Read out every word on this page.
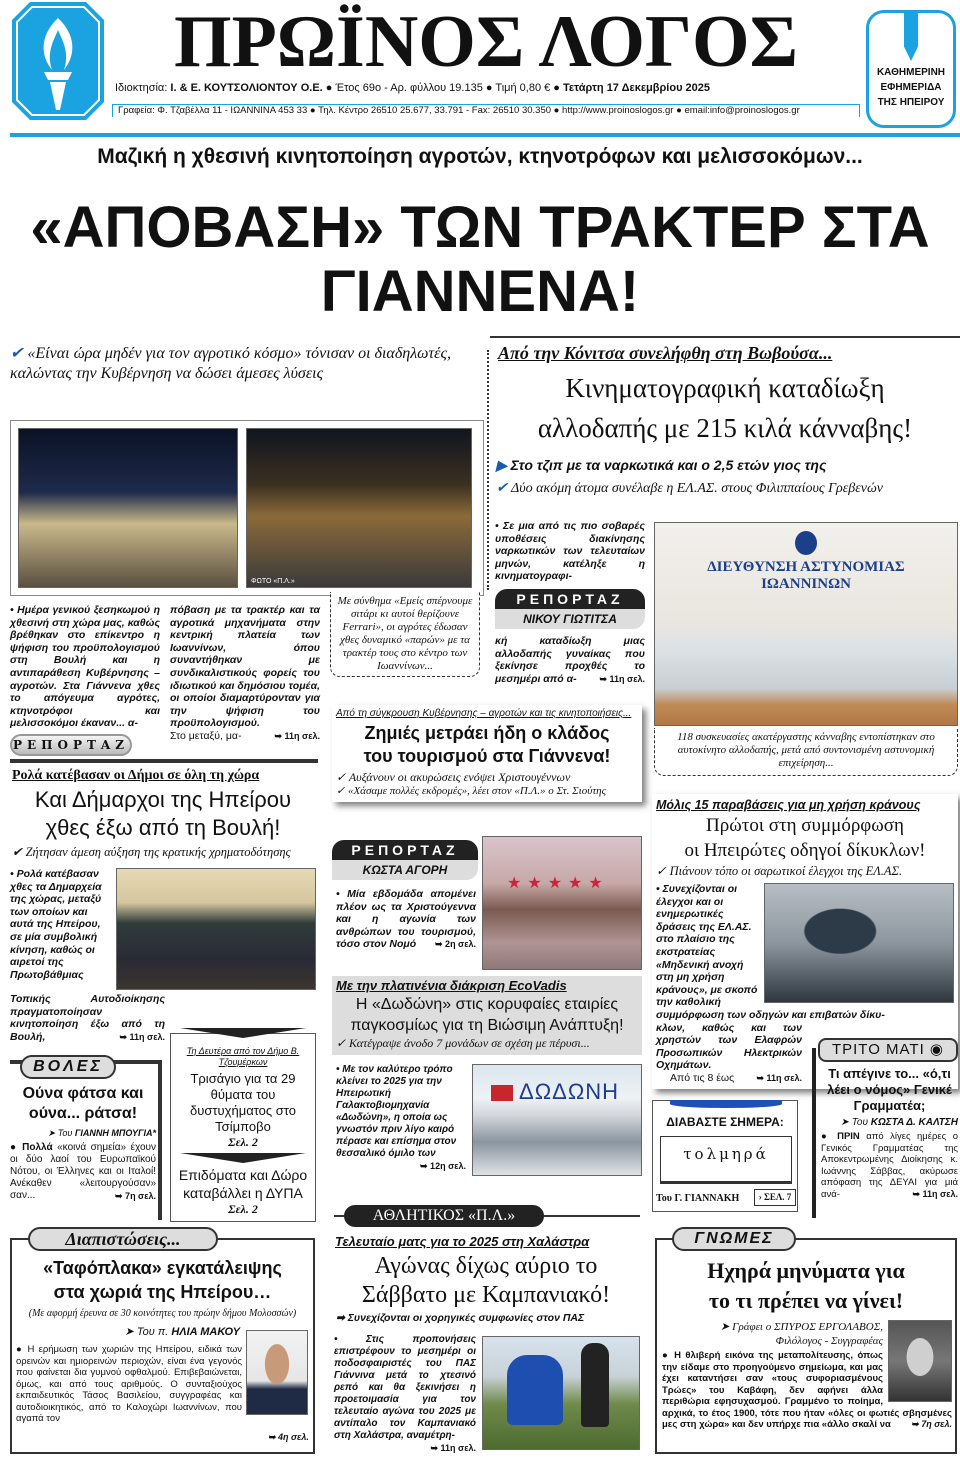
ΠΡΩΪΝΟΣ ΛΟΓΟΣ
Ιδιοκτησία: Ι. & Ε. ΚΟΥΤΣΟΛΙΟΝΤΟΥ Ο.Ε. ● Έτος 69ο - Αρ. φύλλου 19.135 ● Τιμή 0,80 € ● Τετάρτη 17 Δεκεμβρίου 2025
Γραφεία: Φ. Τζαβέλλα 11 - ΙΩΑΝΝΙΝΑ 453 33 ● Τηλ. Κέντρο 26510 25.677, 33.791 - Fax: 26510 30.350 ● http://www.proinoslogos.gr ● email:info@proinoslogos.gr
ΚΑΘΗΜΕΡΙΝΗ
ΕΦΗΜΕΡΙΔΑ
ΤΗΣ ΗΠΕΙΡΟΥ
Μαζική η χθεσινή κινητοποίηση αγροτών, κτηνοτρόφων και μελισσοκόμων...
«ΑΠΟΒΑΣΗ» ΤΩΝ ΤΡΑΚΤΕΡ ΣΤΑ ΓΙΑΝΝΕΝΑ!
✔ «Είναι ώρα μηδέν για τον αγροτικό κόσμο» τόνισαν οι διαδηλωτές, καλώντας την Κυβέρνηση να δώσει άμεσες λύσεις
ΦΩΤΟ «Π.Λ.»
Με σύνθημα «Εμείς σπέρνουμε σιτάρι κι αυτοί θερίζουνε Ferrari», οι αγρότες έδωσαν χθες δυναμικό «παρών» με τα τρακτέρ τους στο κέντρο των Ιωαννίνων...
• Ημέρα γενικού ξεσηκωμού η χθεσινή στη χώρα μας, καθώς βρέθηκαν στο επίκεντρο η ψήφιση του προϋπολογισμού στη Βουλή και η αντιπαράθεση Κυβέρνησης – αγροτών. Στα Γιάννενα χθες το απόγευμα αγρότες, κτηνοτρόφοι και μελισσοκόμοι έκαναν... α-
ΡΕΠΟΡΤΑΖ
πόβαση με τα τρακτέρ και τα αγροτικά μηχανήματα στην κεντρική πλατεία των Ιωαννίνων, όπου συναντήθηκαν με συνδικαλιστικούς φορείς του ιδιωτικού και δημόσιου τομέα, οι οποίοι διαμαρτύρονταν για την ψήφιση του προϋπολογισμού.
Στο μεταξύ, μα-	➥ 11η σελ.
Από την Κόνιτσα συνελήφθη στη Βωβούσα...
Κινηματογραφική καταδίωξη
αλλοδαπής με 215 κιλά κάνναβης!
▶ Στο τζιπ με τα ναρκωτικά και ο 2,5 ετών γιος της
✔ Δύο ακόμη άτομα συνέλαβε η ΕΛ.ΑΣ. στους Φιλιππαίους Γρεβενών
• Σε μια από τις πιο σοβαρές υποθέσεις διακίνησης ναρκωτικών των τελευταίων μηνών, κατέληξε η κινηματογραφι-
ΡΕΠΟΡΤΑΖ
ΝΙΚΟΥ ΓΙΩΤΙΤΣΑ
κή καταδίωξη μιας αλλοδαπής γυναίκας που ξεκίνησε προχθές το μεσημέρι από α-	➥ 11η σελ.
ΔΙΕΥΘΥΝΣΗ ΑΣΤΥΝΟΜΙΑΣ
ΙΩΑΝΝΙΝΩΝ
118 συσκευασίες ακατέργαστης κάνναβης εντοπίστηκαν στο αυτοκίνητο αλλοδαπής, μετά από συντονισμένη αστυνομική επιχείρηση...
Ρολά κατέβασαν οι Δήμοι σε όλη τη χώρα
Και Δήμαρχοι της Ηπείρου
χθες έξω από τη Βουλή!
✔ Ζήτησαν άμεση αύξηση της κρατικής χρηματοδότησης
• Ρολά κατέβασαν χθες τα Δημαρχεία της χώρας, μεταξύ των οποίων και αυτά της Ηπείρου, σε μία συμβολική κίνηση, καθώς οι αιρετοί της Πρωτοβάθμιας
Τοπικής Αυτοδιοίκησης πραγματοποίησαν κινητοποίηση έξω από τη Βουλή,	➥ 11η σελ.
Από τη σύγκρουση Κυβέρνησης – αγροτών και τις κινητοποιήσεις...
Ζημιές μετράει ήδη ο κλάδος
του τουρισμού στα Γιάννενα!
✓ Αυξάνουν οι ακυρώσεις ενόψει Χριστουγέννων
✓ «Χάσαμε πολλές εκδρομές», λέει στον «Π.Λ.» ο Στ. Σιούτης
ΡΕΠΟΡΤΑΖ
ΚΩΣΤΑ ΑΓΟΡΗ
★★★★★
• Μία εβδομάδα απομένει πλέον ως τα Χριστούγεννα και η αγωνία των ανθρώπων του τουρισμού, τόσο στον Νομό ➥ 2η σελ.
Με την πλατινένια διάκριση EcoVadis
Η «Δωδώνη» στις κορυφαίες εταιρίες
παγκοσμίως για τη Βιώσιμη Ανάπτυξη!
✓ Κατέγραψε άνοδο 7 μονάδων σε σχέση με πέρυσι...
• Με τον καλύτερο τρόπο κλείνει το 2025 για την Ηπειρωτική Γαλακτοβιομηχανία «Δωδώνη», η οποία ως γνωστόν πριν λίγο καιρό πέρασε και επίσημα στον θεσσαλικό όμιλο των
➥ 12η σελ.
ΔΩΔΩΝΗ
Μόλις 15 παραβάσεις για μη χρήση κράνους
Πρώτοι στη συμμόρφωση
οι Ηπειρώτες οδηγοί δίκυκλων!
✓ Πιάνουν τόπο οι σαρωτικοί έλεγχοι της ΕΛ.ΑΣ.
• Συνεχίζονται οι έλεγχοι και οι ενημερωτικές δράσεις της ΕΛ.ΑΣ. στο πλαίσιο της εκστρατείας «Μηδενική ανοχή στη μη χρήση κράνους», με σκοπό την καθολική συμμόρφωση των οδηγών και επιβατών δίκυ-
κλων, καθώς και των χρηστών των Ελαφρών Προσωπικών Ηλεκτρικών Οχημάτων.
Από τις 8 έως ➥ 11η σελ.
ΒΟΛΕΣ
Ούνα φάτσα και
ούνα... ράτσα!
➤ Του ΓΙΑΝΝΗ ΜΠΟΥΓΙΑ*
● Πολλά «κοινά σημεία» έχουν οι δύο λαοί του Ευρωπαϊκού Νότου, οι Έλληνες και οι Ιταλοί! Ανέκαθεν «λειτουργούσαν» σαν...	➥ 7η σελ.
Τη Δευτέρα από τον Δήμο Β. Τζουμέρκων
Τρισάγιο για τα 29 θύματα του δυστυχήματος στο Τσίμποβο
Σελ. 2
Επιδόματα και Δώρο καταβάλλει η ΔΥΠΑ
Σελ. 2
ΔΙΑΒΑΣΤΕ ΣΗΜΕΡΑ:
τολμηρά
Του Γ. ΓΙΑΝΝΑΚΗ	› ΣΕΛ. 7
ΤΡΙΤΟ ΜΑΤΙ ◉
Τι απέγινε το... «ό,τι λέει ο νόμος» Γενικέ Γραμματέα;
➤ Του ΚΩΣΤΑ Δ. ΚΑΛΤΣΗ
● ΠΡΙΝ από λίγες ημέρες ο Γενικός Γραμματέας της Αποκεντρωμένης Διοίκησης κ. Ιωάννης Σάββας, ακύρωσε απόφαση της ΔΕΥΑΙ για μιά ανά-	➥ 11η σελ.
Διαπιστώσεις...
«Ταφόπλακα» εγκατάλειψης
στα χωριά της Ηπείρου…
(Με αφορμή έρευνα σε 30 κοινότητες του πρώην δήμου Μολοσσών)
➤ Του π. ΗΛΙΑ ΜΑΚΟΥ
● Η ερήμωση των χωριών της Ηπείρου, ειδικά των ορεινών και ημιορεινών περιοχών, είναι ένα γεγονός που φαίνεται δια γυμνού οφθαλμού. Επιβεβαιώνεται, όμως, και από τους αριθμούς. Ο συνταξιούχος εκπαιδευτικός Τάσος Βασιλείου, συγγραφέας και αυτοδιοικητικός, από το Καλοχώρι Ιωαννίνων, που αγαπά τον
➥ 4η σελ.
ΑΘΛΗΤΙΚΟΣ «Π.Λ.»
Τελευταίο ματς για το 2025 στη Χαλάστρα
Αγώνας δίχως αύριο το
Σάββατο με Καμπανιακό!
➡ Συνεχίζονται οι χορηγικές συμφωνίες στον ΠΑΣ
• Στις προπονήσεις επιστρέφουν το μεσημέρι οι ποδοσφαιριστές του ΠΑΣ Γιάννινα μετά το χτεσινό ρεπό και θα ξεκινήσει η προετοιμασία για τον τελευταίο αγώνα του 2025 με αντίπαλο τον Καμπανιακό στη Χαλάστρα, αναμέτρη-
➥ 11η σελ.
ΓΝΩΜΕΣ
Ηχηρά μηνύματα για
το τι πρέπει να γίνει!
➤ Γράφει ο ΣΠΥΡΟΣ ΕΡΓΟΛΑΒΟΣ,
Φιλόλογος - Συγγραφέας
● Η θλιβερή εικόνα της μεταπολίτευσης, όπως την είδαμε στο προηγούμενο σημείωμα, και μας έχει καταντήσει σαν «τους συφοριασμένους Τρώες» του Καβάφη, δεν αφήνει άλλα περιθώρια εφησυχασμού. Γραμμένο το ποίημα, αρχικά, το έτος 1900, τότε που ήταν «όλες οι φωτιές σβησμένες μες στη χώρα» και δεν υπήρχε πια «άλλο σκαλί να ➥ 7η σελ.
